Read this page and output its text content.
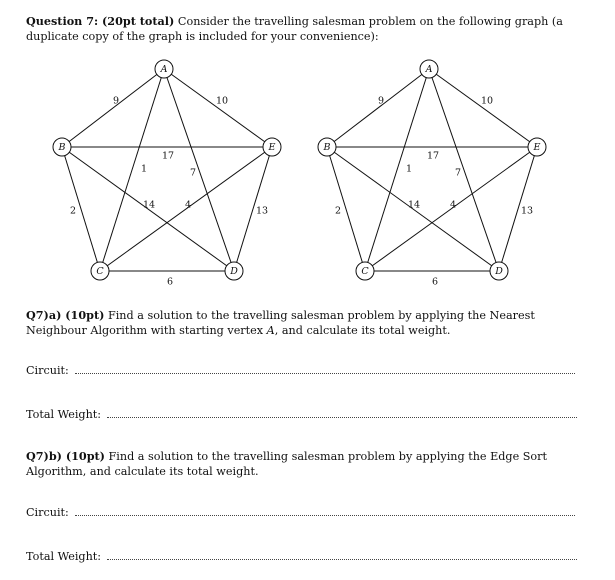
Question 7: (20pt total) Consider the travelling salesman problem on the following graph (a duplicate copy of the graph is included for your convenience):
9	10
17
1	7
14	4
2	13
6
A
B
C	D
E
9	10
17
1	7
14	4
2	13
6
A
B
C	D
E
Q7)a) (10pt) Find a solution to the travelling salesman problem by applying the Nearest Neighbour Algorithm with starting vertex A, and calculate its total weight.
Circuit:
Total Weight:
Q7)b) (10pt) Find a solution to the travelling salesman problem by applying the Edge Sort Algorithm, and calculate its total weight.
Circuit:
Total Weight:
